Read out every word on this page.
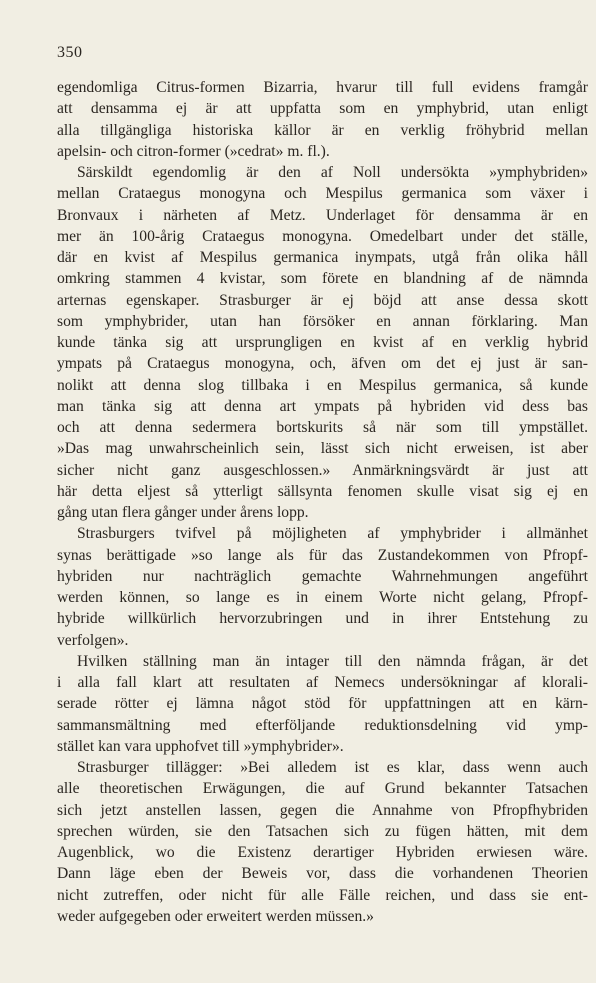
350
egendomliga Citrus-formen Bizarria, hvarur till full evidens framgår
att densamma ej är att uppfatta som en ymphybrid, utan enligt
alla tillgängliga historiska källor är en verklig fröhybrid mellan
apelsin- och citron-former (»cedrat» m. fl.).
Särskildt egendomlig är den af Noll undersökta »ymphybriden»
mellan Crataegus monogyna och Mespilus germanica som växer i
Bronvaux i närheten af Metz. Underlaget för densamma är en
mer än 100-årig Crataegus monogyna. Omedelbart under det ställe,
där en kvist af Mespilus germanica inympats, utgå från olika håll
omkring stammen 4 kvistar, som förete en blandning af de nämnda
arternas egenskaper. Strasburger är ej böjd att anse dessa skott
som ymphybrider, utan han försöker en annan förklaring. Man
kunde tänka sig att ursprungligen en kvist af en verklig hybrid
ympats på Crataegus monogyna, och, äfven om det ej just är san-
nolikt att denna slog tillbaka i en Mespilus germanica, så kunde
man tänka sig att denna art ympats på hybriden vid dess bas
och att denna sedermera bortskurits så när som till ympstället.
»Das mag unwahrscheinlich sein, lässt sich nicht erweisen, ist aber
sicher nicht ganz ausgeschlossen.» Anmärkningsvärdt är just att
här detta eljest så ytterligt sällsynta fenomen skulle visat sig ej en
gång utan flera gånger under årens lopp.
Strasburgers tvifvel på möjligheten af ymphybrider i allmänhet
synas berättigade »so lange als für das Zustandekommen von Pfropf-
hybriden nur nachträglich gemachte Wahrnehmungen angeführt
werden können, so lange es in einem Worte nicht gelang, Pfropf-
hybride willkürlich hervorzubringen und in ihrer Entstehung zu
verfolgen».
Hvilken ställning man än intager till den nämnda frågan, är det
i alla fall klart att resultaten af Nemecs undersökningar af klorali-
serade rötter ej lämna något stöd för uppfattningen att en kärn-
sammansmältning med efterföljande reduktionsdelning vid ymp-
stället kan vara upphofvet till »ymphybrider».
Strasburger tillägger: »Bei alledem ist es klar, dass wenn auch
alle theoretischen Erwägungen, die auf Grund bekannter Tatsachen
sich jetzt anstellen lassen, gegen die Annahme von Pfropfhybriden
sprechen würden, sie den Tatsachen sich zu fügen hätten, mit dem
Augenblick, wo die Existenz derartiger Hybriden erwiesen wäre.
Dann läge eben der Beweis vor, dass die vorhandenen Theorien
nicht zutreffen, oder nicht für alle Fälle reichen, und dass sie ent-
weder aufgegeben oder erweitert werden müssen.»
